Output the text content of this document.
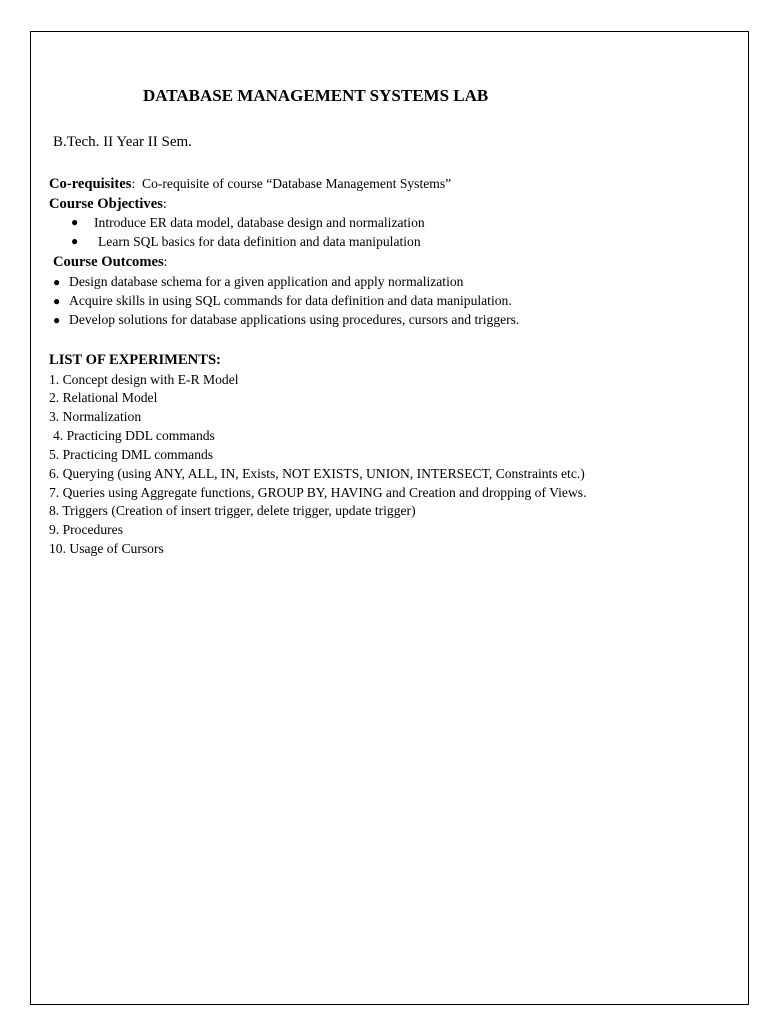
DATABASE MANAGEMENT SYSTEMS LAB
B.Tech. II Year II Sem.
Co-requisites: Co-requisite of course “Database Management Systems”
Course Objectives:
● Introduce ER data model, database design and normalization
● Learn SQL basics for data definition and data manipulation
Course Outcomes:
● Design database schema for a given application and apply normalization
● Acquire skills in using SQL commands for data definition and data manipulation.
● Develop solutions for database applications using procedures, cursors and triggers.
LIST OF EXPERIMENTS:
1. Concept design with E-R Model
2. Relational Model
3. Normalization
4. Practicing DDL commands
5. Practicing DML commands
6. Querying (using ANY, ALL, IN, Exists, NOT EXISTS, UNION, INTERSECT, Constraints etc.)
7. Queries using Aggregate functions, GROUP BY, HAVING and Creation and dropping of Views.
8. Triggers (Creation of insert trigger, delete trigger, update trigger)
9. Procedures
10. Usage of Cursors
